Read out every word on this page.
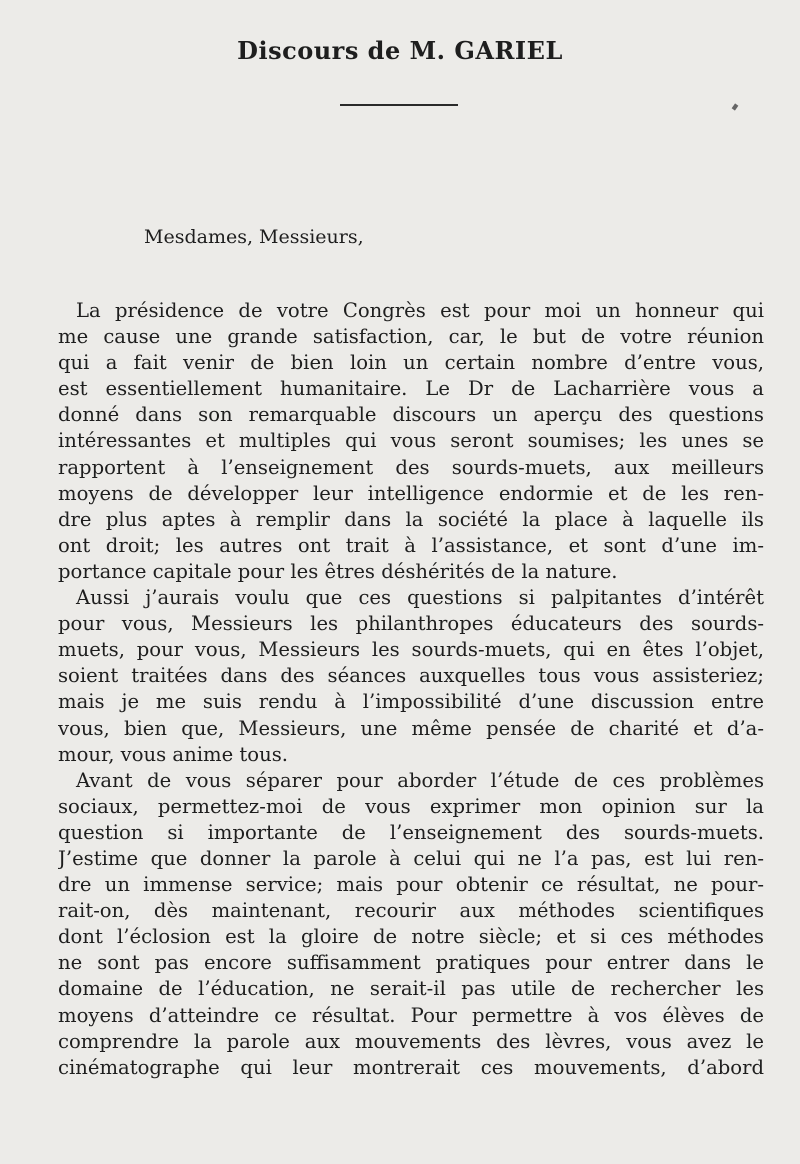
Discours de M. GARIEL

Mesdames, Messieurs,

La présidence de votre Congrès est pour moi un honneur qui
me cause une grande satisfaction, car, le but de votre réunion
qui a fait venir de bien loin un certain nombre d’entre vous,
est essentiellement humanitaire. Le Dr de Lacharrière vous a
donné dans son remarquable discours un aperçu des questions
intéressantes et multiples qui vous seront soumises; les unes se
rapportent à l’enseignement des sourds-muets, aux meilleurs
moyens de développer leur intelligence endormie et de les ren-
dre plus aptes à remplir dans la société la place à laquelle ils
ont droit; les autres ont trait à l’assistance, et sont d’une im-
portance capitale pour les êtres déshérités de la nature.
Aussi j’aurais voulu que ces questions si palpitantes d’intérêt
pour vous, Messieurs les philanthropes éducateurs des sourds-
muets, pour vous, Messieurs les sourds-muets, qui en êtes l’objet,
soient traitées dans des séances auxquelles tous vous assisteriez;
mais je me suis rendu à l’impossibilité d’une discussion entre
vous, bien que, Messieurs, une même pensée de charité et d’a-
mour, vous anime tous.
Avant de vous séparer pour aborder l’étude de ces problèmes
sociaux, permettez-moi de vous exprimer mon opinion sur la
question si importante de l’enseignement des sourds-muets.
J’estime que donner la parole à celui qui ne l’a pas, est lui ren-
dre un immense service; mais pour obtenir ce résultat, ne pour-
rait-on, dès maintenant, recourir aux méthodes scientifiques
dont l’éclosion est la gloire de notre siècle; et si ces méthodes
ne sont pas encore suffisamment pratiques pour entrer dans le
domaine de l’éducation, ne serait-il pas utile de rechercher les
moyens d’atteindre ce résultat. Pour permettre à vos élèves de
comprendre la parole aux mouvements des lèvres, vous avez le
cinématographe qui leur montrerait ces mouvements, d’abord
